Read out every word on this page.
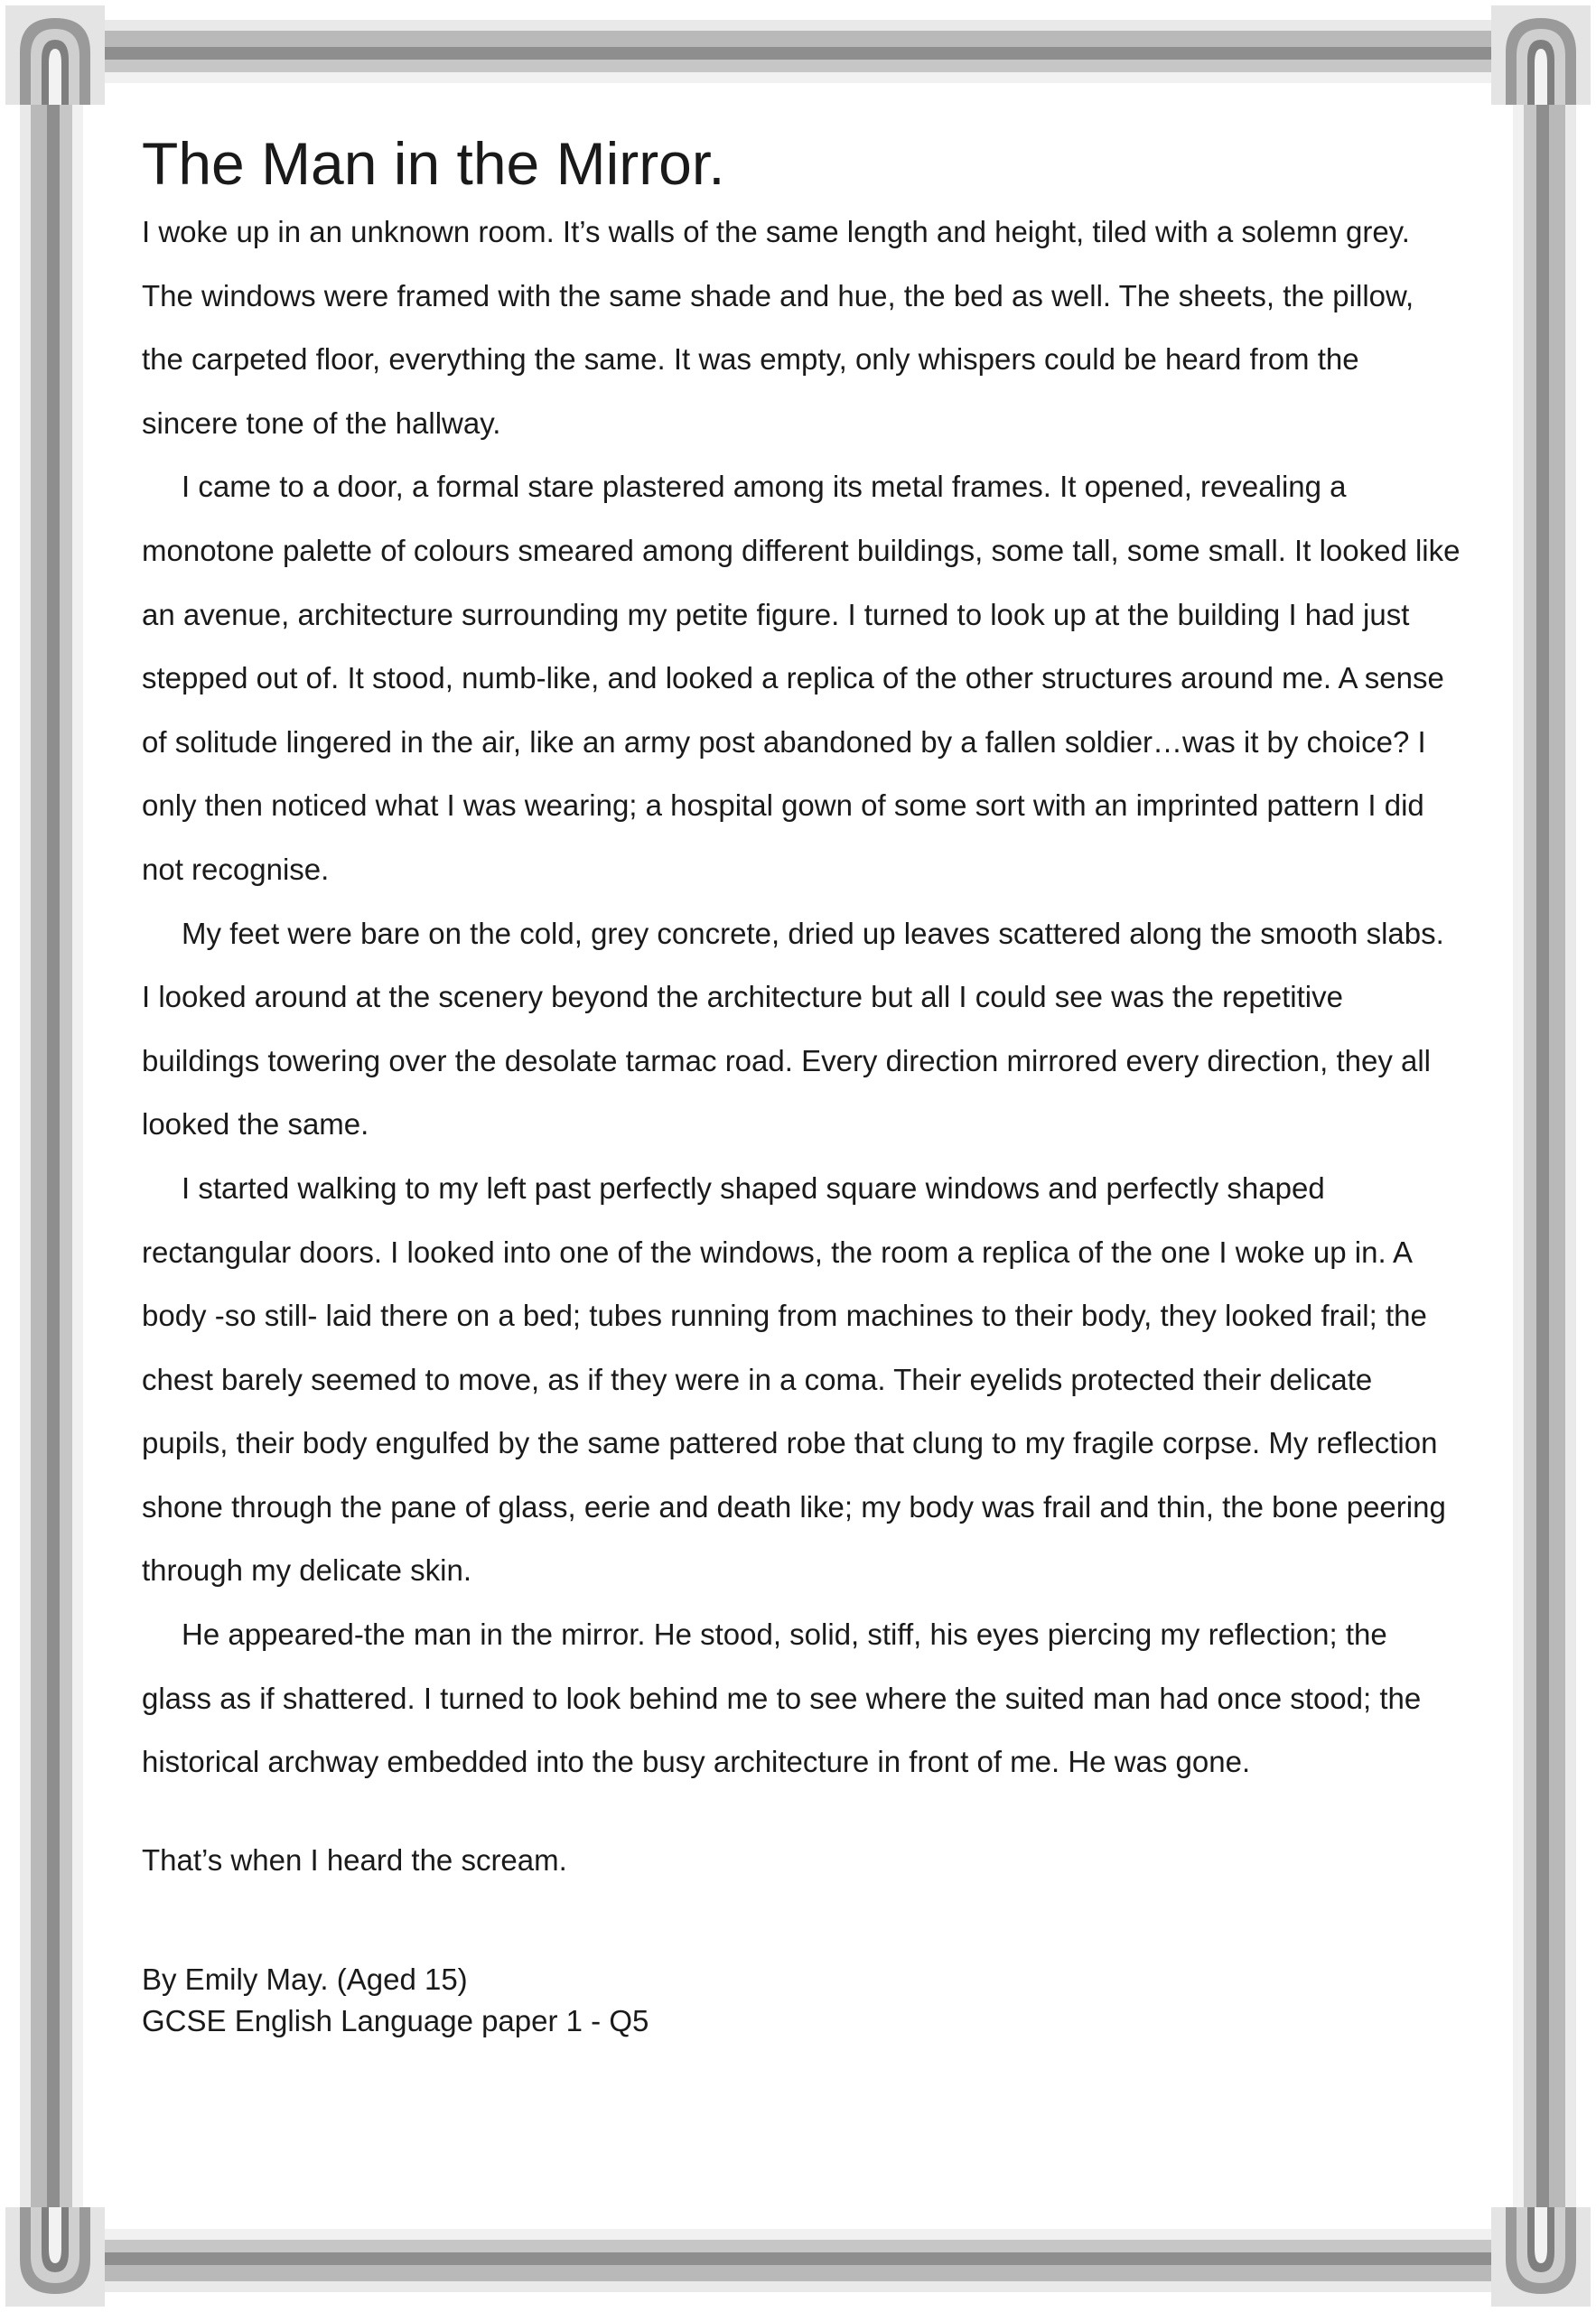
The Man in the Mirror.

I woke up in an unknown room. It’s walls of the same length and height, tiled with a solemn grey. The windows were framed with the same shade and hue, the bed as well. The sheets, the pillow, the carpeted floor, everything the same. It was empty, only whispers could be heard from the sincere tone of the hallway.

I came to a door, a formal stare plastered among its metal frames. It opened, revealing a monotone palette of colours smeared among different buildings, some tall, some small. It looked like an avenue, architecture surrounding my petite figure. I turned to look up at the building I had just stepped out of. It stood, numb-like, and looked a replica of the other structures around me. A sense of solitude lingered in the air, like an army post abandoned by a fallen soldier…was it by choice? I only then noticed what I was wearing; a hospital gown of some sort with an imprinted pattern I did not recognise.

My feet were bare on the cold, grey concrete, dried up leaves scattered along the smooth slabs. I looked around at the scenery beyond the architecture but all I could see was the repetitive buildings towering over the desolate tarmac road. Every direction mirrored every direction, they all looked the same.

I started walking to my left past perfectly shaped square windows and perfectly shaped rectangular doors. I looked into one of the windows, the room a replica of the one I woke up in. A body -so still- laid there on a bed; tubes running from machines to their body, they looked frail; the chest barely seemed to move, as if they were in a coma. Their eyelids protected their delicate pupils, their body engulfed by the same pattered robe that clung to my fragile corpse. My reflection shone through the pane of glass, eerie and death like; my body was frail and thin, the bone peering through my delicate skin.

He appeared-the man in the mirror. He stood, solid, stiff, his eyes piercing my reflection; the glass as if shattered. I turned to look behind me to see where the suited man had once stood; the historical archway embedded into the busy architecture in front of me. He was gone.

That’s when I heard the scream.

By Emily May. (Aged 15)
GCSE English Language paper 1 - Q5
